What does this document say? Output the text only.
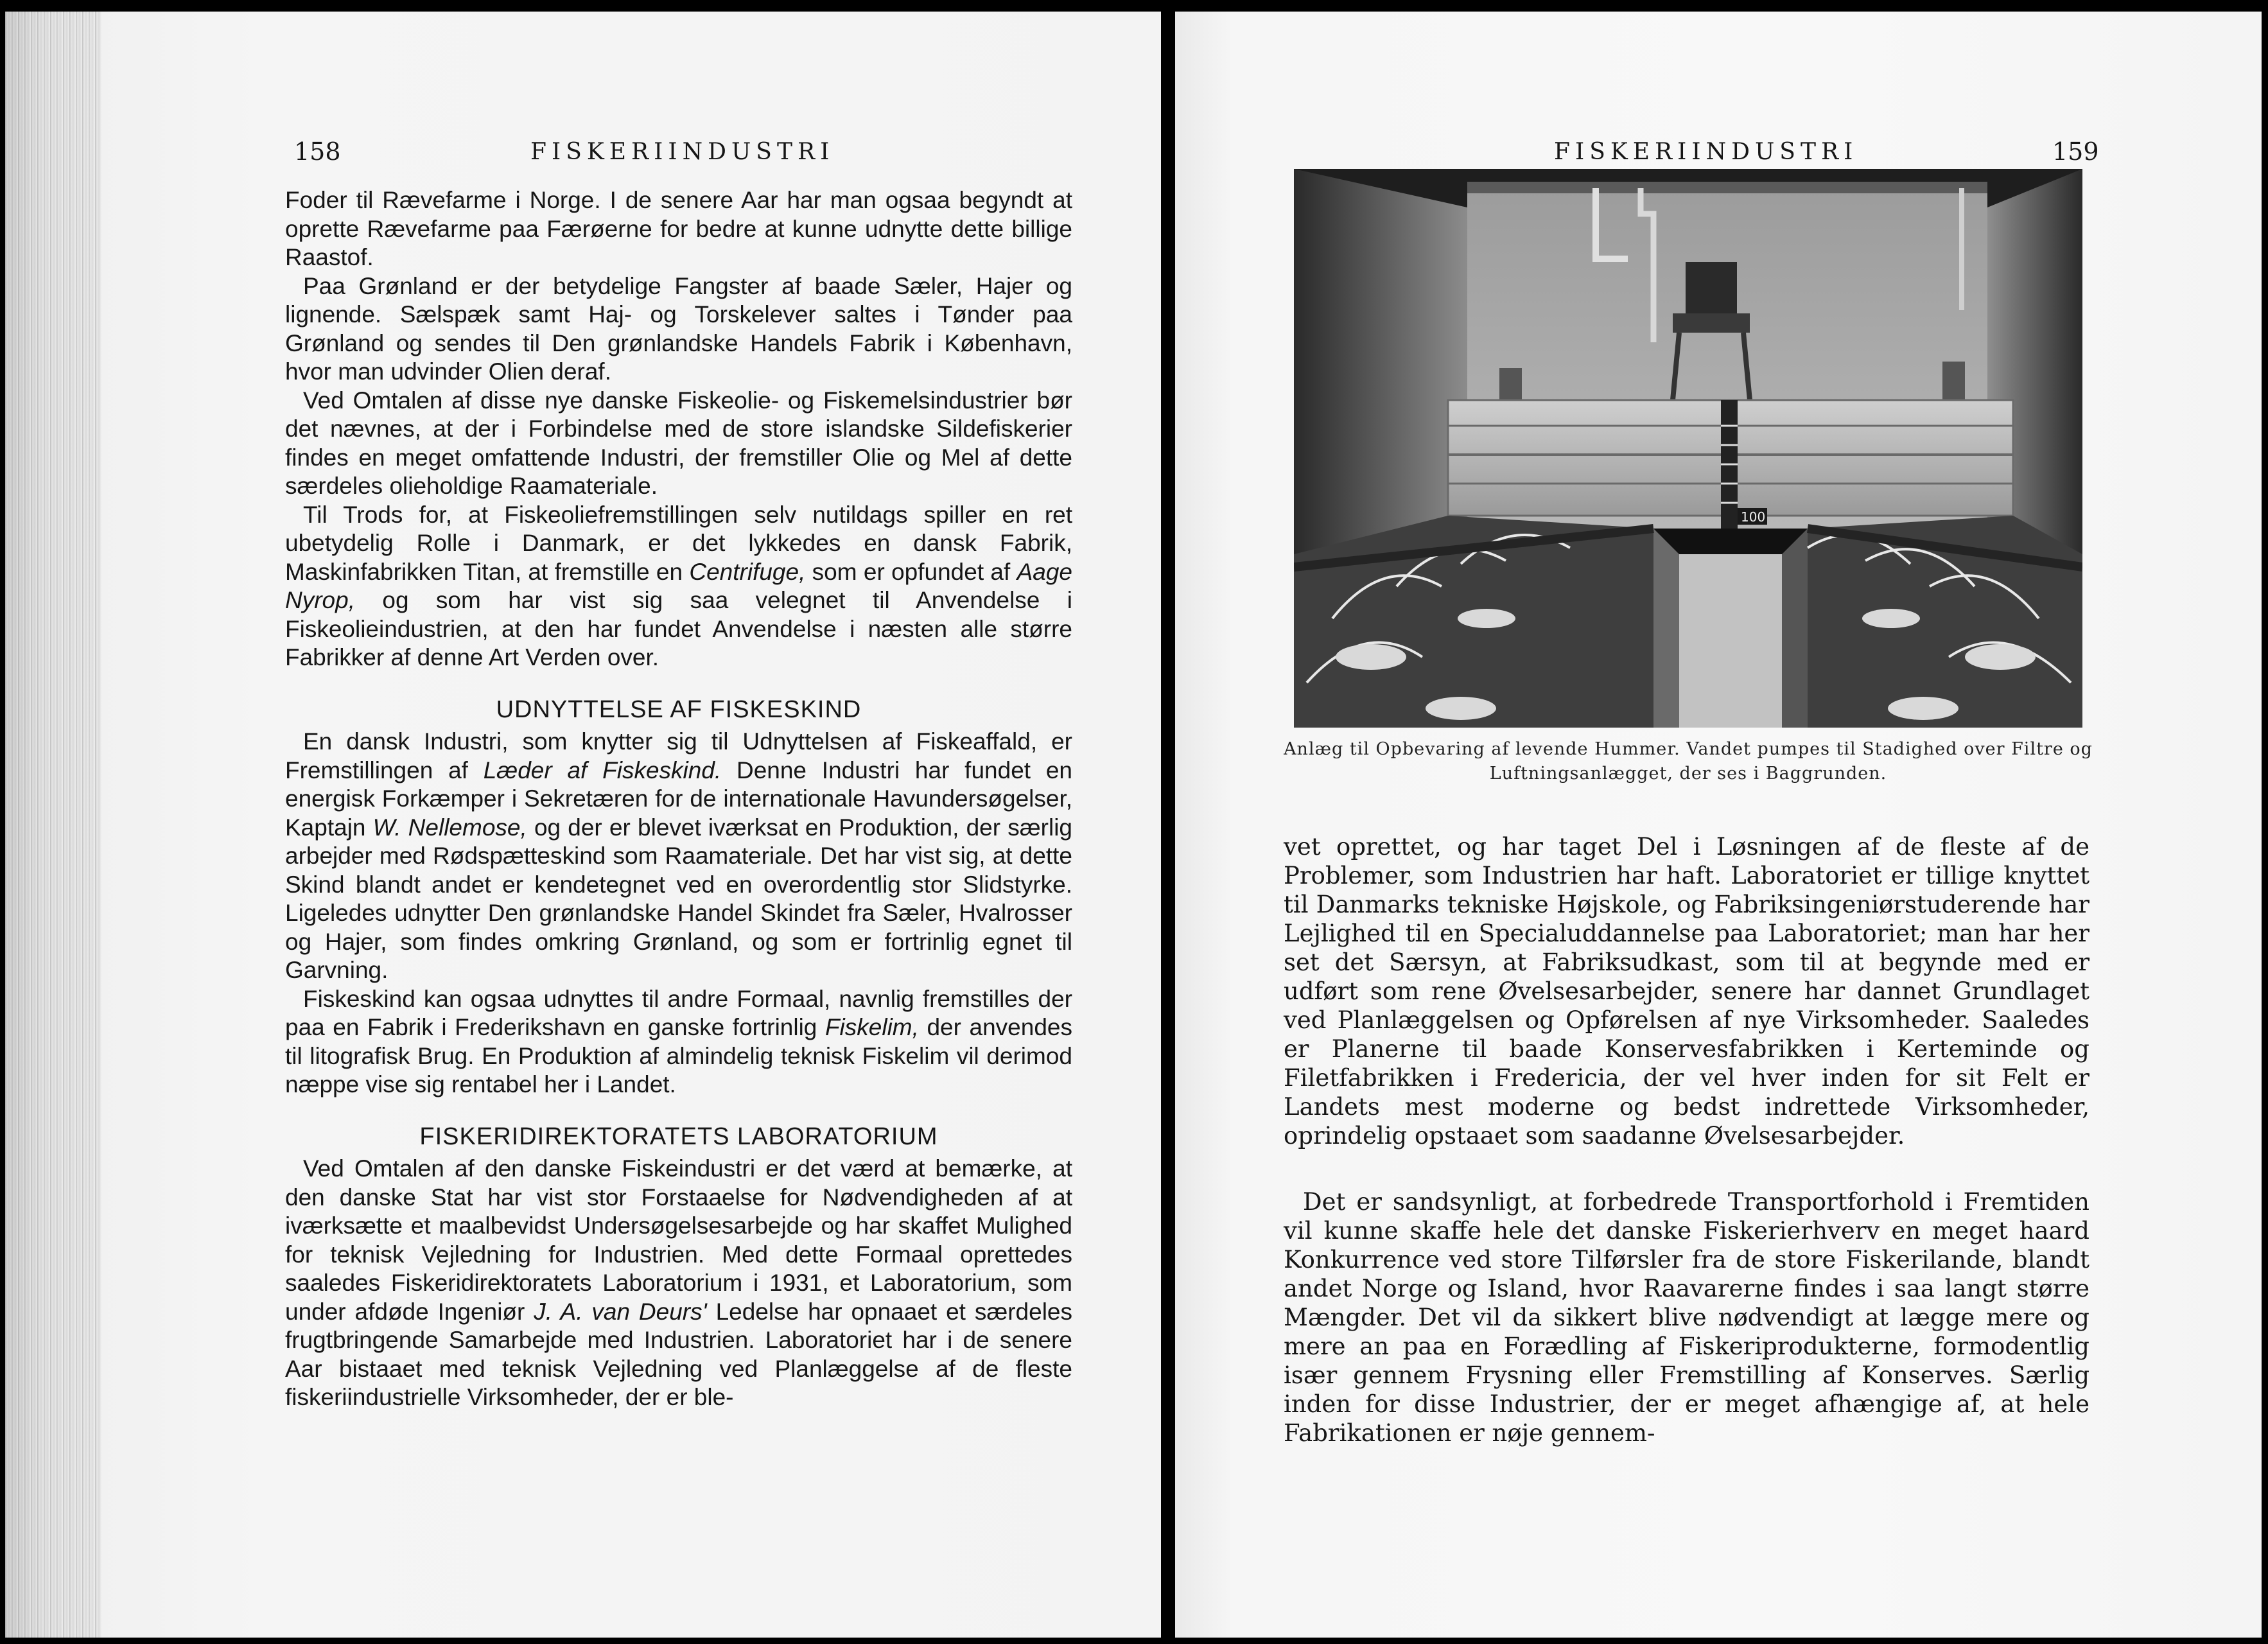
158	FISKERIINDUSTRI

Foder til Rævefarme i Norge. I de senere Aar har man ogsaa begyndt at oprette Rævefarme paa Færøerne for bedre at kunne udnytte dette billige Raastof.

Paa Grønland er der betydelige Fangster af baade Sæler, Hajer og lignende. Sælspæk samt Haj- og Torskelever saltes i Tønder paa Grønland og sendes til Den grønlandske Handels Fabrik i København, hvor man udvinder Olien deraf.

Ved Omtalen af disse nye danske Fiskeolie- og Fiskemelsindustrier bør det nævnes, at der i Forbindelse med de store islandske Sildefiskerier findes en meget omfattende Industri, der fremstiller Olie og Mel af dette særdeles olieholdige Raamateriale.

Til Trods for, at Fiskeoliefremstillingen selv nutildags spiller en ret ubetydelig Rolle i Danmark, er det lykkedes en dansk Fabrik, Maskinfabrikken Titan, at fremstille en Centrifuge, som er opfundet af Aage Nyrop, og som har vist sig saa velegnet til Anvendelse i Fiskeolieindustrien, at den har fundet Anvendelse i næsten alle større Fabrikker af denne Art Verden over.

UDNYTTELSE AF FISKESKIND

En dansk Industri, som knytter sig til Udnyttelsen af Fiskeaffald, er Fremstillingen af Læder af Fiskeskind. Denne Industri har fundet en energisk Forkæmper i Sekretæren for de internationale Havundersøgelser, Kaptajn W. Nellemose, og der er blevet iværksat en Produktion, der særlig arbejder med Rødspætteskind som Raamateriale. Det har vist sig, at dette Skind blandt andet er kendetegnet ved en overordentlig stor Slidstyrke. Ligeledes udnytter Den grønlandske Handel Skindet fra Sæler, Hvalrosser og Hajer, som findes omkring Grønland, og som er fortrinlig egnet til Garvning.

Fiskeskind kan ogsaa udnyttes til andre Formaal, navnlig fremstilles der paa en Fabrik i Frederikshavn en ganske fortrinlig Fiskelim, der anvendes til litografisk Brug. En Produktion af almindelig teknisk Fiskelim vil derimod næppe vise sig rentabel her i Landet.

FISKERIDIREKTORATETS LABORATORIUM

Ved Omtalen af den danske Fiskeindustri er det værd at bemærke, at den danske Stat har vist stor Forstaaelse for Nødvendigheden af at iværksætte et maalbevidst Undersøgelsesarbejde og har skaffet Mulighed for teknisk Vejledning for Industrien. Med dette Formaal oprettedes saaledes Fiskeridirektoratets Laboratorium i 1931, et Laboratorium, som under afdøde Ingeniør J. A. van Deurs' Ledelse har opnaaet et særdeles frugtbringende Samarbejde med Industrien. Laboratoriet har i de senere Aar bistaaet med teknisk Vejledning ved Planlæggelse af de fleste fiskeriindustrielle Virksomheder, der er ble-

FISKERIINDUSTRI	159
100
Anlæg til Opbevaring af levende Hummer. Vandet pumpes til Stadighed over Filtre og Luftningsanlægget, der ses i Baggrunden.

vet oprettet, og har taget Del i Løsningen af de fleste af de Problemer, som Industrien har haft. Laboratoriet er tillige knyttet til Danmarks tekniske Højskole, og Fabriksingeniørstuderende har Lejlighed til en Specialuddannelse paa Laboratoriet; man har her set det Særsyn, at Fabriksudkast, som til at begynde med er udført som rene Øvelsesarbejder, senere har dannet Grundlaget ved Planlæggelsen og Opførelsen af nye Virksomheder. Saaledes er Planerne til baade Konservesfabrikken i Kerteminde og Filetfabrikken i Fredericia, der vel hver inden for sit Felt er Landets mest moderne og bedst indrettede Virksomheder, oprindelig opstaaet som saadanne Øvelsesarbejder.

Det er sandsynligt, at forbedrede Transportforhold i Fremtiden vil kunne skaffe hele det danske Fiskerierhverv en meget haard Konkurrence ved store Tilførsler fra de store Fiskerilande, blandt andet Norge og Island, hvor Raavarerne findes i saa langt større Mængder. Det vil da sikkert blive nødvendigt at lægge mere og mere an paa en Forædling af Fiskeriprodukterne, formodentlig især gennem Frysning eller Fremstilling af Konserves. Særlig inden for disse Industrier, der er meget afhængige af, at hele Fabrikationen er nøje gennem-
